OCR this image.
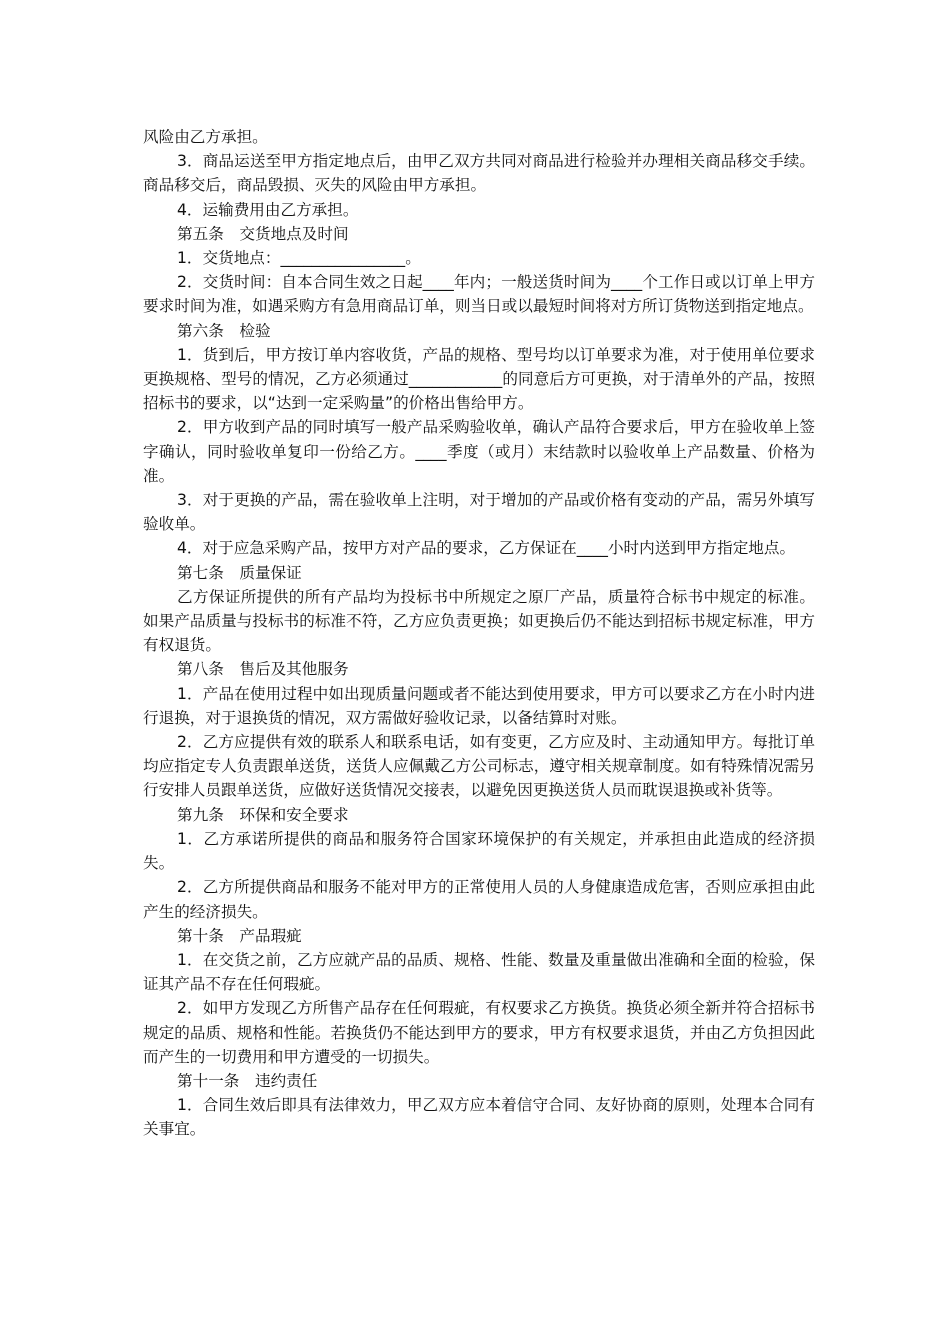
风险由乙方承担。

3．商品运送至甲方指定地点后，由甲乙双方共同对商品进行检验并办理相关商品移交手续。商品移交后，商品毁损、灭失的风险由甲方承担。

4．运输费用由乙方承担。

第五条　交货地点及时间

1．交货地点：________________。

2．交货时间：自本合同生效之日起____年内；一般送货时间为____个工作日或以订单上甲方要求时间为准，如遇采购方有急用商品订单，则当日或以最短时间将对方所订货物送到指定地点。

第六条　检验

1．货到后，甲方按订单内容收货，产品的规格、型号均以订单要求为准，对于使用单位要求更换规格、型号的情况，乙方必须通过____________的同意后方可更换，对于清单外的产品，按照招标书的要求，以“达到一定采购量”的价格出售给甲方。

2．甲方收到产品的同时填写一般产品采购验收单，确认产品符合要求后，甲方在验收单上签字确认，同时验收单复印一份给乙方。____季度（或月）末结款时以验收单上产品数量、价格为准。

3．对于更换的产品，需在验收单上注明，对于增加的产品或价格有变动的产品，需另外填写验收单。

4．对于应急采购产品，按甲方对产品的要求，乙方保证在____小时内送到甲方指定地点。

第七条　质量保证

乙方保证所提供的所有产品均为投标书中所规定之原厂产品，质量符合标书中规定的标准。如果产品质量与投标书的标准不符，乙方应负责更换；如更换后仍不能达到招标书规定标准，甲方有权退货。

第八条　售后及其他服务

1．产品在使用过程中如出现质量问题或者不能达到使用要求，甲方可以要求乙方在小时内进行退换，对于退换货的情况，双方需做好验收记录，以备结算时对账。

2．乙方应提供有效的联系人和联系电话，如有变更，乙方应及时、主动通知甲方。每批订单均应指定专人负责跟单送货，送货人应佩戴乙方公司标志，遵守相关规章制度。如有特殊情况需另行安排人员跟单送货，应做好送货情况交接表，以避免因更换送货人员而耽误退换或补货等。

第九条　环保和安全要求

1．乙方承诺所提供的商品和服务符合国家环境保护的有关规定，并承担由此造成的经济损失。

2．乙方所提供商品和服务不能对甲方的正常使用人员的人身健康造成危害，否则应承担由此产生的经济损失。

第十条　产品瑕疵

1．在交货之前，乙方应就产品的品质、规格、性能、数量及重量做出准确和全面的检验，保证其产品不存在任何瑕疵。

2．如甲方发现乙方所售产品存在任何瑕疵，有权要求乙方换货。换货必须全新并符合招标书规定的品质、规格和性能。若换货仍不能达到甲方的要求，甲方有权要求退货，并由乙方负担因此而产生的一切费用和甲方遭受的一切损失。

第十一条　违约责任

1．合同生效后即具有法律效力，甲乙双方应本着信守合同、友好协商的原则，处理本合同有关事宜。
